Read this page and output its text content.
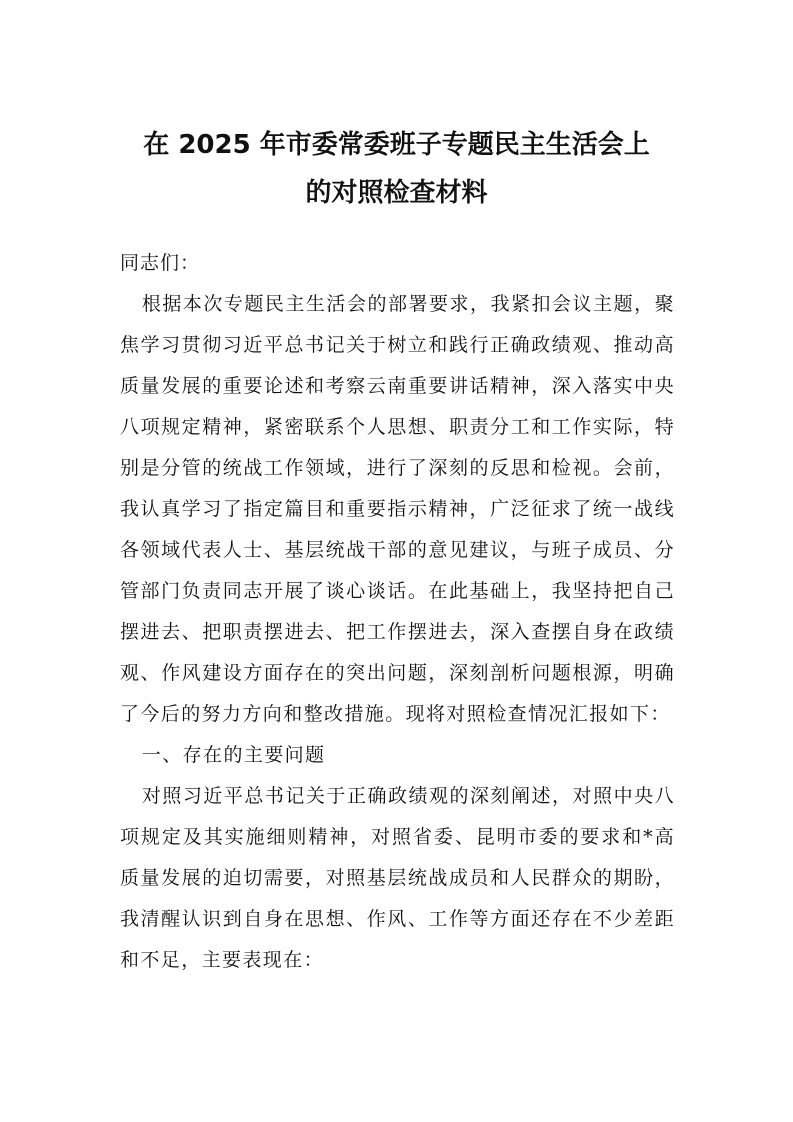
在 2025 年市委常委班子专题民主生活会上
的对照检查材料

同志们：

根据本次专题民主生活会的部署要求，我紧扣会议主题，聚焦学习贯彻习近平总书记关于树立和践行正确政绩观、推动高质量发展的重要论述和考察云南重要讲话精神，深入落实中央八项规定精神，紧密联系个人思想、职责分工和工作实际，特别是分管的统战工作领域，进行了深刻的反思和检视。会前，我认真学习了指定篇目和重要指示精神，广泛征求了统一战线各领域代表人士、基层统战干部的意见建议，与班子成员、分管部门负责同志开展了谈心谈话。在此基础上，我坚持把自己摆进去、把职责摆进去、把工作摆进去，深入查摆自身在政绩观、作风建设方面存在的突出问题，深刻剖析问题根源，明确了今后的努力方向和整改措施。现将对照检查情况汇报如下：

一、存在的主要问题

对照习近平总书记关于正确政绩观的深刻阐述，对照中央八项规定及其实施细则精神，对照省委、昆明市委的要求和*高质量发展的迫切需要，对照基层统战成员和人民群众的期盼，我清醒认识到自身在思想、作风、工作等方面还存在不少差距和不足，主要表现在：
